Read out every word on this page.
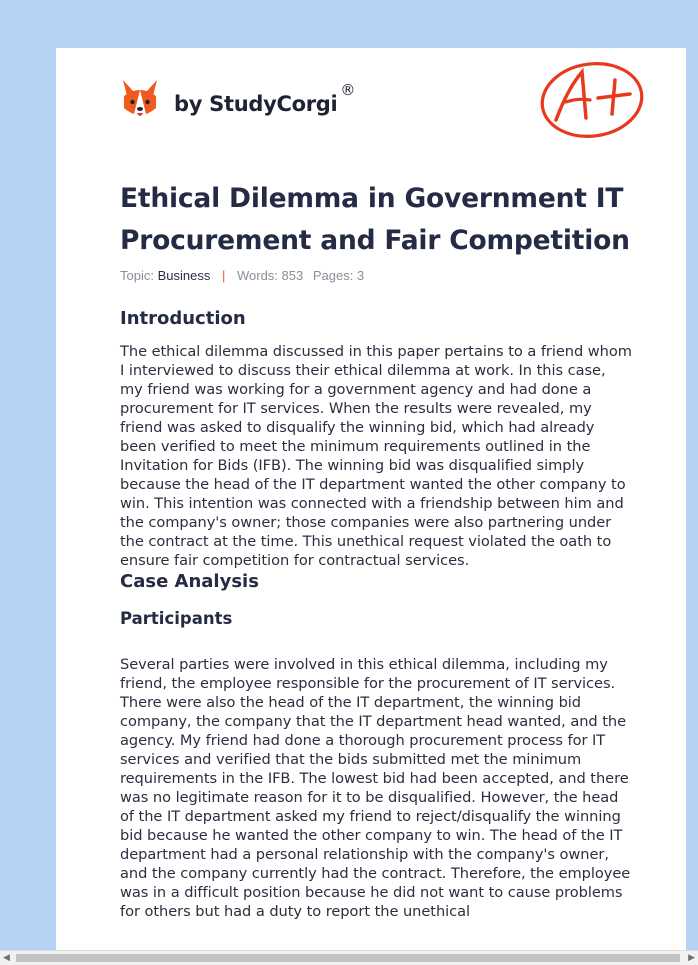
by StudyCorgi
®
Ethical Dilemma in Government IT Procurement and Fair Competition
Topic: Business | Words: 853 Pages: 3
Introduction

The ethical dilemma discussed in this paper pertains to a friend whom I interviewed to discuss their ethical dilemma at work. In this case, my friend was working for a government agency and had done a procurement for IT services. When the results were revealed, my friend was asked to disqualify the winning bid, which had already been verified to meet the minimum requirements outlined in the Invitation for Bids (IFB). The winning bid was disqualified simply because the head of the IT department wanted the other company to win. This intention was connected with a friendship between him and the company's owner; those companies were also partnering under the contract at the time. This unethical request violated the oath to ensure fair competition for contractual services.

Case Analysis
Participants

Several parties were involved in this ethical dilemma, including my friend, the employee responsible for the procurement of IT services. There were also the head of the IT department, the winning bid company, the company that the IT department head wanted, and the agency. My friend had done a thorough procurement process for IT services and verified that the bids submitted met the minimum requirements in the IFB. The lowest bid had been accepted, and there was no legitimate reason for it to be disqualified. However, the head of the IT department asked my friend to reject/disqualify the winning bid because he wanted the other company to win. The head of the IT department had a personal relationship with the company's owner, and the company currently had the contract. Therefore, the employee was in a difficult position because he did not want to cause problems for others but had a duty to report the unethical

◀	▶
